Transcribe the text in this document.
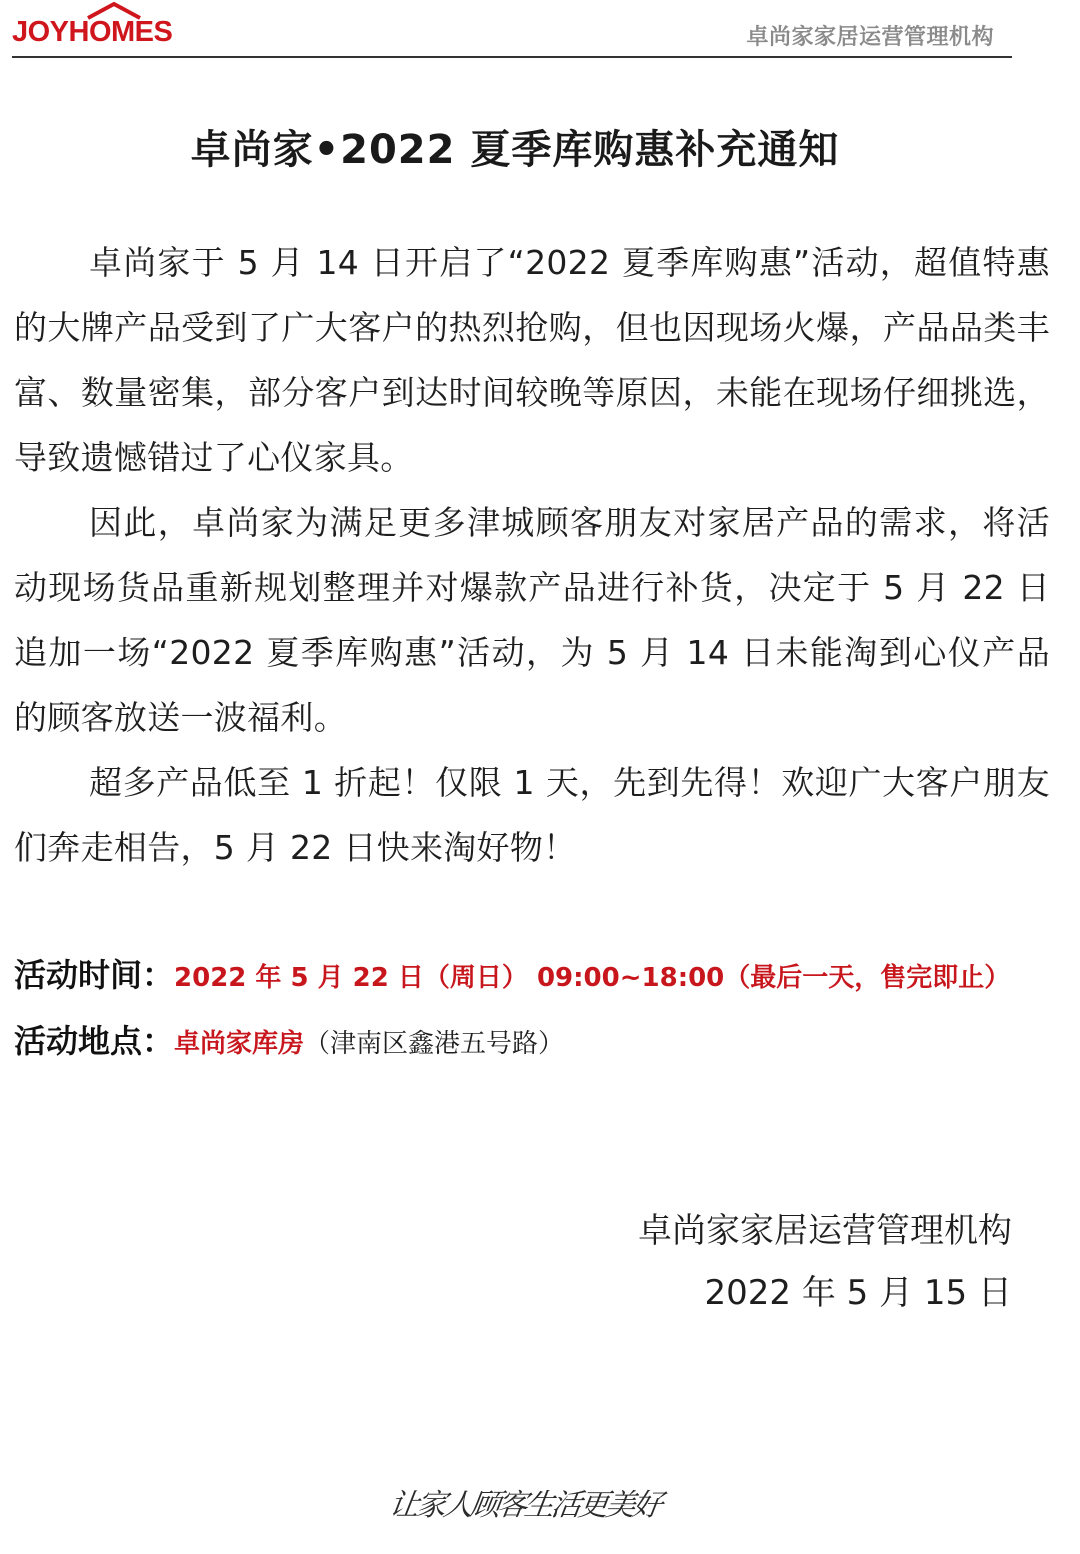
JOYHOMES	卓尚家家居运营管理机构
卓尚家•2022 夏季库购惠补充通知

卓尚家于 5 月 14 日开启了“2022 夏季库购惠”活动，超值特惠的大牌产品受到了广大客户的热烈抢购，但也因现场火爆，产品品类丰富、数量密集，部分客户到达时间较晚等原因，未能在现场仔细挑选，导致遗憾错过了心仪家具。

因此，卓尚家为满足更多津城顾客朋友对家居产品的需求，将活动现场货品重新规划整理并对爆款产品进行补货，决定于 5 月 22 日追加一场“2022 夏季库购惠”活动，为 5 月 14 日未能淘到心仪产品的顾客放送一波福利。

超多产品低至 1 折起！仅限 1 天，先到先得！欢迎广大客户朋友们奔走相告，5 月 22 日快来淘好物！

活动时间：2022 年 5 月 22 日（周日） 09:00~18:00（最后一天，售完即止）
活动地点：卓尚家库房（津南区鑫港五号路）
卓尚家家居运营管理机构
2022 年 5 月 15 日
让家人顾客生活更美好
